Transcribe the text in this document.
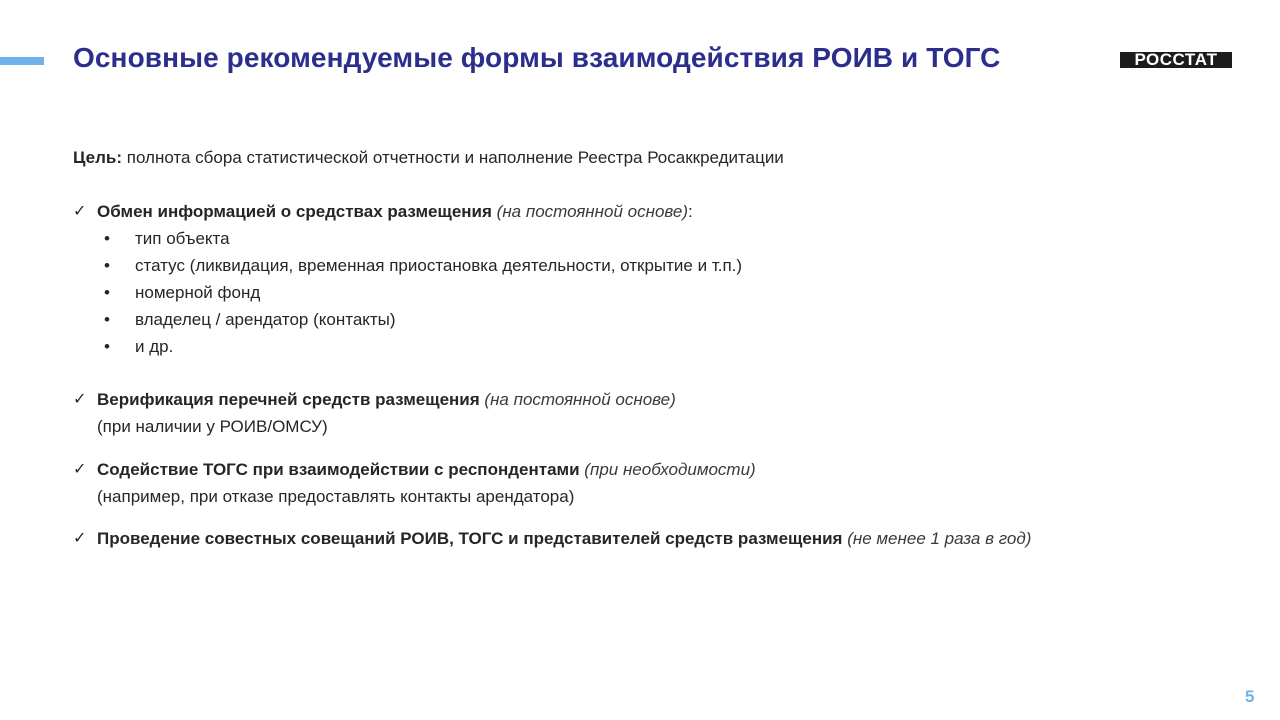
Основные рекомендуемые формы взаимодействия РОИВ и ТОГС	РОССТАТ
Цель: полнота сбора статистической отчетности и наполнение Реестра Росаккредитации
✓ Обмен информацией о средствах размещения (на постоянной основе):
• тип объекта
• статус (ликвидация, временная приостановка деятельности, открытие и т.п.)
• номерной фонд
• владелец / арендатор (контакты)
• и др.
✓ Верификация перечней средств размещения (на постоянной основе)
(при наличии у РОИВ/ОМСУ)
✓ Содействие ТОГС при взаимодействии с респондентами (при необходимости)
(например, при отказе предоставлять контакты арендатора)
✓ Проведение совестных совещаний РОИВ, ТОГС и представителей средств размещения (не менее 1 раза в год)
5
